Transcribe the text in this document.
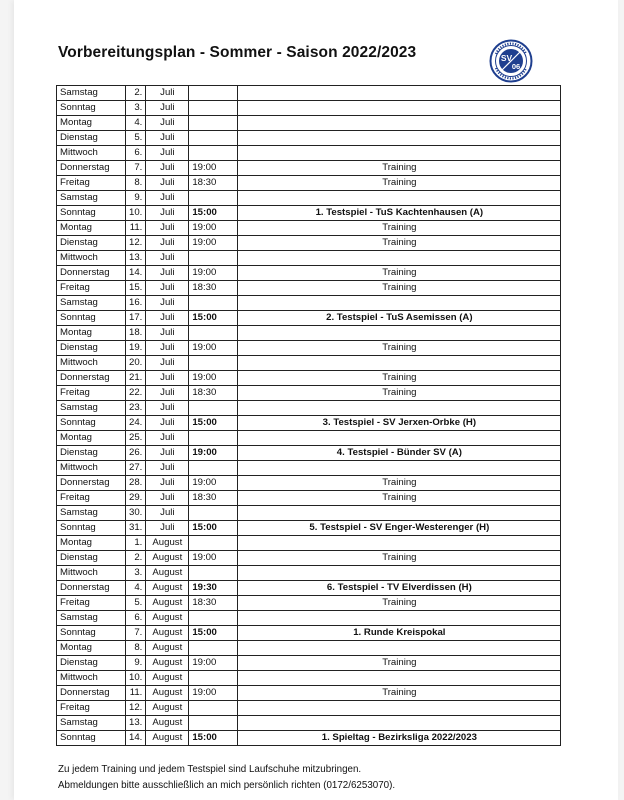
Vorbereitungsplan - Sommer - Saison 2022/2023	SV
06
Samstag	2.	Juli		
Sonntag	3.	Juli		
Montag	4.	Juli		
Dienstag	5.	Juli		
Mittwoch	6.	Juli		
Donnerstag	7.	Juli	19:00	Training
Freitag	8.	Juli	18:30	Training
Samstag	9.	Juli		
Sonntag	10.	Juli	15:00	1. Testspiel - TuS Kachtenhausen (A)
Montag	11.	Juli	19:00	Training
Dienstag	12.	Juli	19:00	Training
Mittwoch	13.	Juli		
Donnerstag	14.	Juli	19:00	Training
Freitag	15.	Juli	18:30	Training
Samstag	16.	Juli		
Sonntag	17.	Juli	15:00	2. Testspiel - TuS Asemissen (A)
Montag	18.	Juli		
Dienstag	19.	Juli	19:00	Training
Mittwoch	20.	Juli		
Donnerstag	21.	Juli	19:00	Training
Freitag	22.	Juli	18:30	Training
Samstag	23.	Juli		
Sonntag	24.	Juli	15:00	3. Testspiel - SV Jerxen-Orbke (H)
Montag	25.	Juli		
Dienstag	26.	Juli	19:00	4. Testspiel - Bünder SV (A)
Mittwoch	27.	Juli		
Donnerstag	28.	Juli	19:00	Training
Freitag	29.	Juli	18:30	Training
Samstag	30.	Juli		
Sonntag	31.	Juli	15:00	5. Testspiel - SV Enger-Westerenger (H)
Montag	1.	August		
Dienstag	2.	August	19:00	Training
Mittwoch	3.	August		
Donnerstag	4.	August	19:30	6. Testspiel - TV Elverdissen (H)
Freitag	5.	August	18:30	Training
Samstag	6.	August		
Sonntag	7.	August	15:00	1. Runde Kreispokal
Montag	8.	August		
Dienstag	9.	August	19:00	Training
Mittwoch	10.	August		
Donnerstag	11.	August	19:00	Training
Freitag	12.	August		
Samstag	13.	August		
Sonntag	14.	August	15:00	1. Spieltag - Bezirksliga 2022/2023
Zu jedem Training und jedem Testspiel sind Laufschuhe mitzubringen.
Abmeldungen bitte ausschließlich an mich persönlich richten (0172/6253070).
